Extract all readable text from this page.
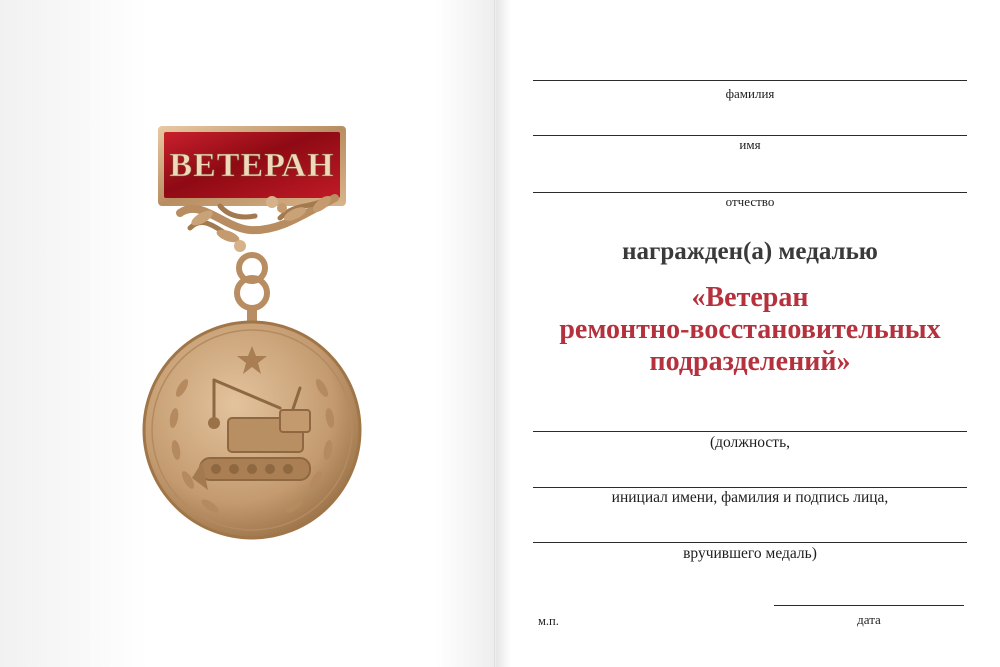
ВЕТЕРАН
фамилия
имя
отчество
награжден(а) медалью
«Ветеран
ремонтно-восстановительных
подразделений»
(должность,
инициал имени, фамилия и подпись лица,
вручившего медаль)
м.п.	дата
